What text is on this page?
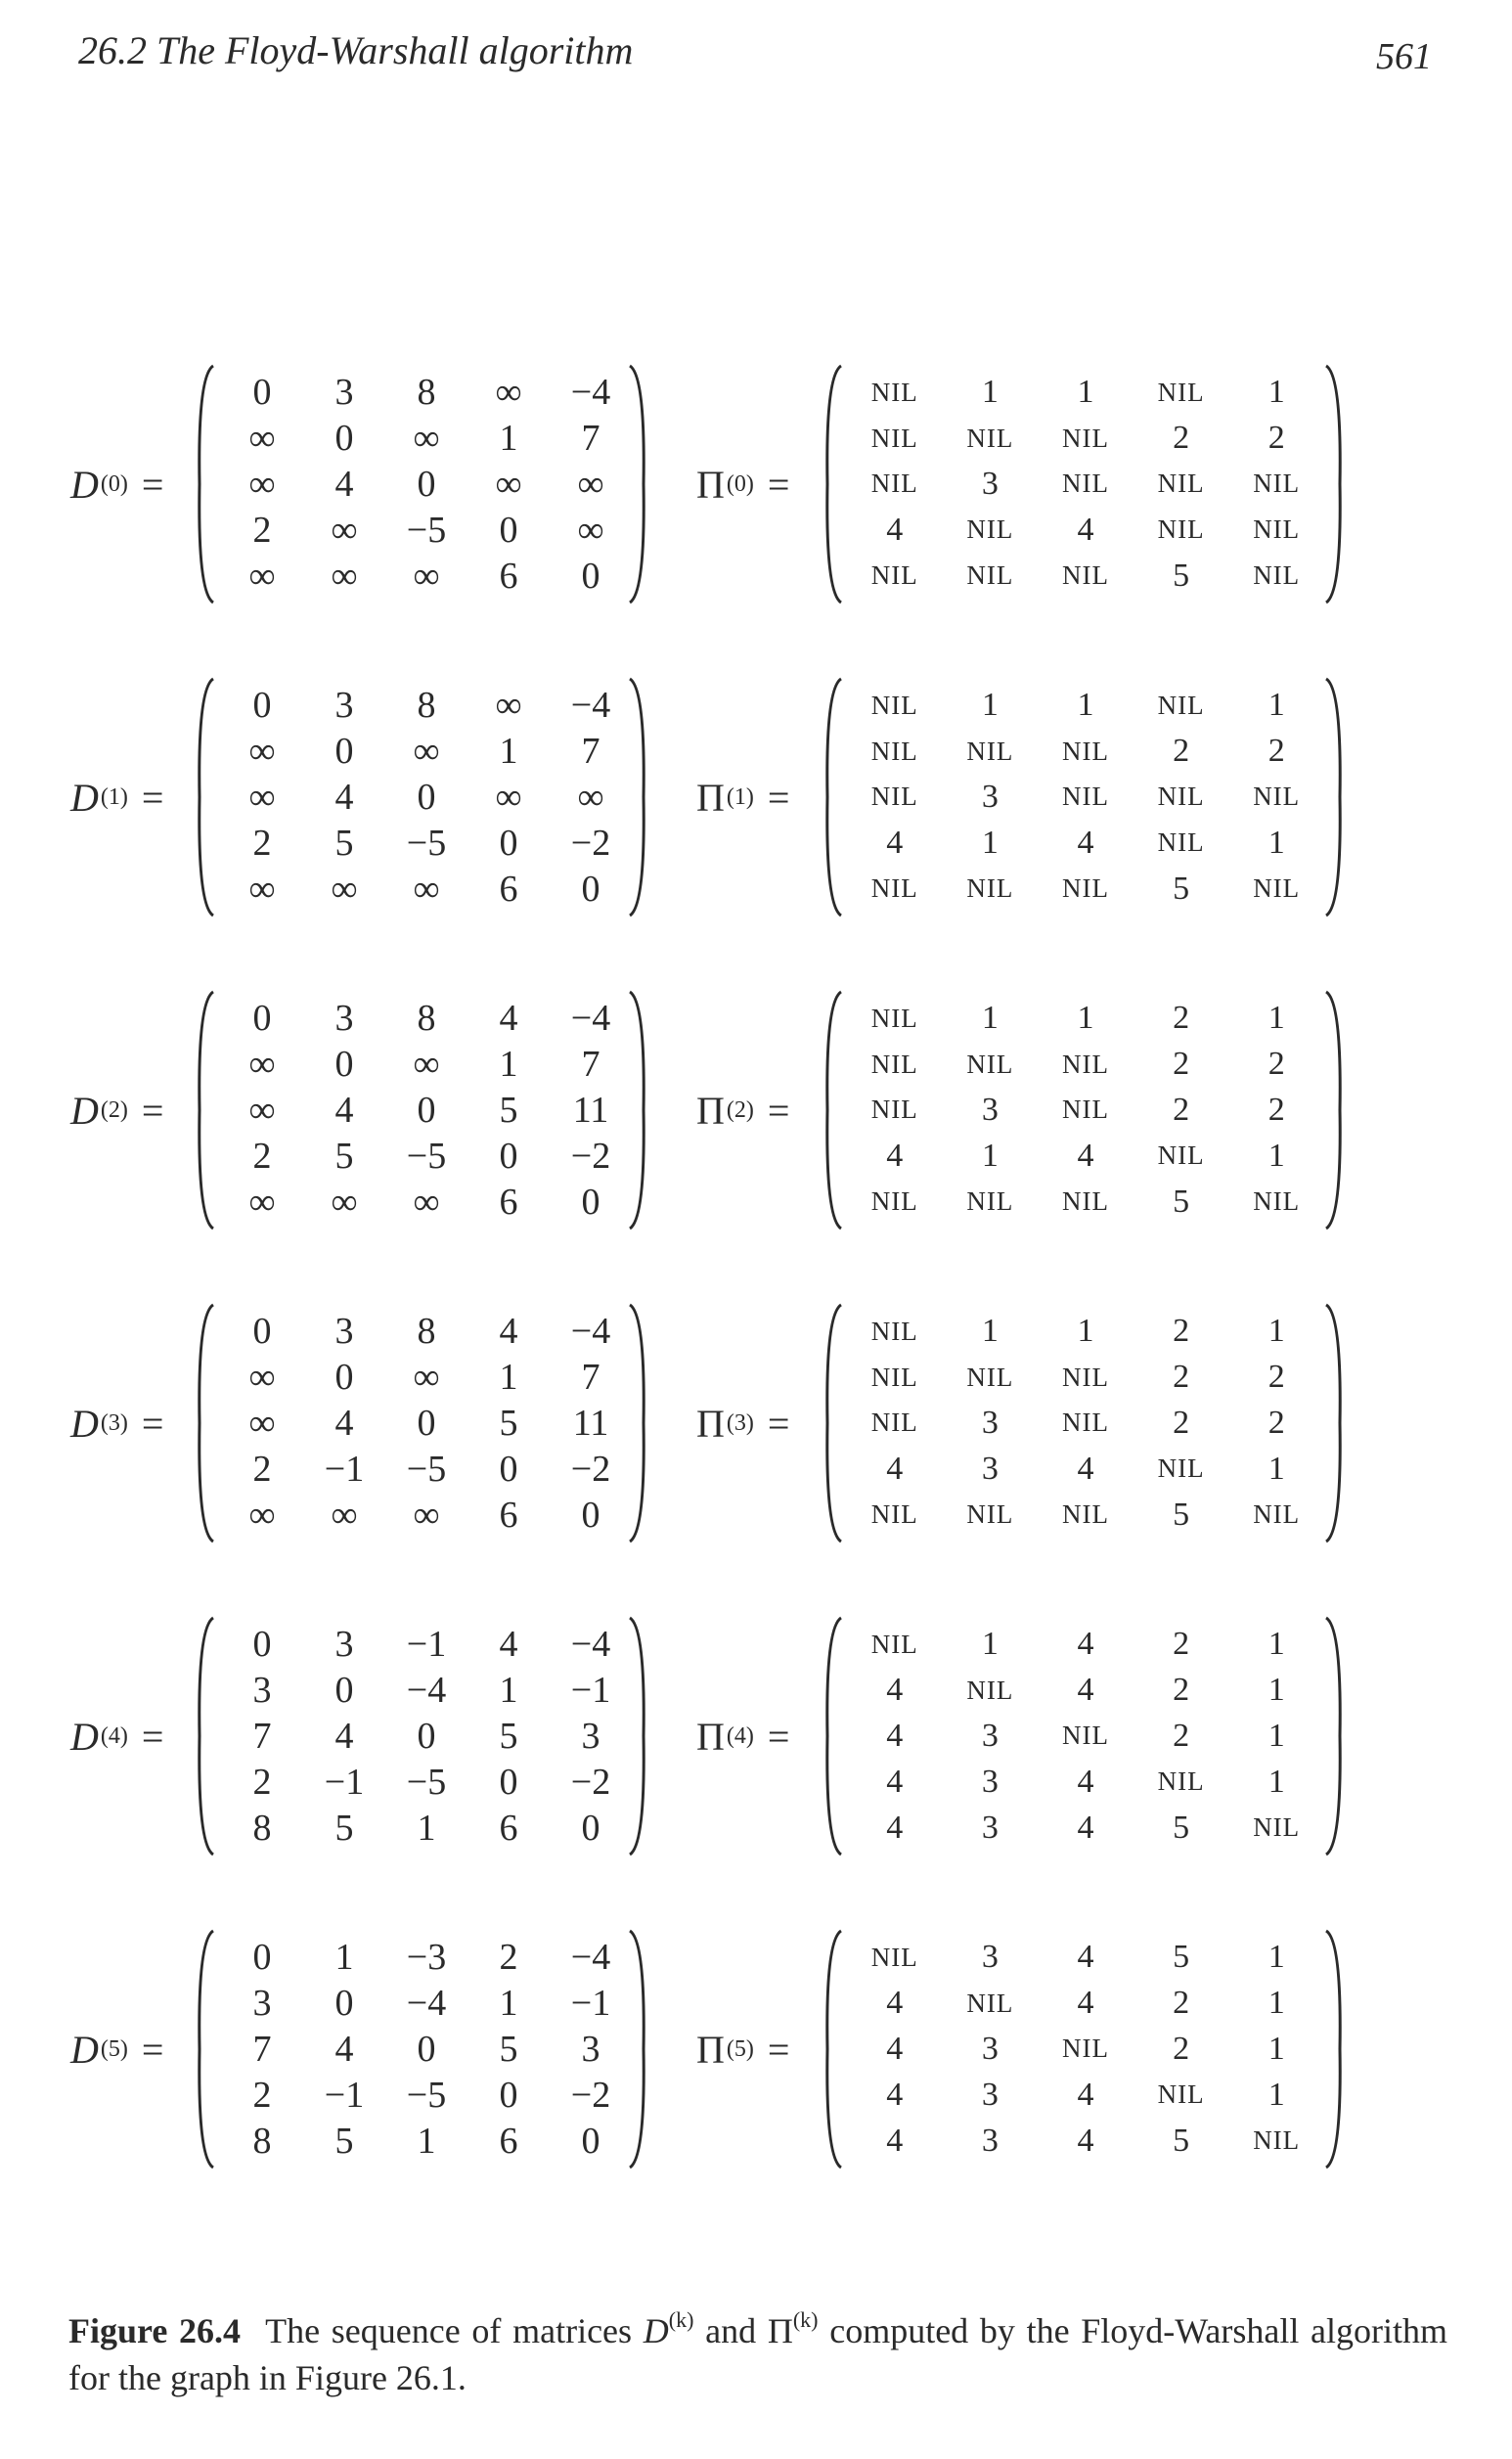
26.2 The Floyd-Warshall algorithm	561
D (0) =
0	3	8	∞	−4
∞	0	∞	1	7
∞	4	0	∞	∞
2	∞	−5	0	∞
∞	∞	∞	6	0
Π (0) =
NIL	1	1	NIL	1
NIL	NIL	NIL	2	2
NIL	3	NIL	NIL	NIL
4	NIL	4	NIL	NIL
NIL	NIL	NIL	5	NIL
D (1) =
0	3	8	∞	−4
∞	0	∞	1	7
∞	4	0	∞	∞
2	5	−5	0	−2
∞	∞	∞	6	0
Π (1) =
NIL	1	1	NIL	1
NIL	NIL	NIL	2	2
NIL	3	NIL	NIL	NIL
4	1	4	NIL	1
NIL	NIL	NIL	5	NIL
D (2) =
0	3	8	4	−4
∞	0	∞	1	7
∞	4	0	5	11
2	5	−5	0	−2
∞	∞	∞	6	0
Π (2) =
NIL	1	1	2	1
NIL	NIL	NIL	2	2
NIL	3	NIL	2	2
4	1	4	NIL	1
NIL	NIL	NIL	5	NIL
D (3) =
0	3	8	4	−4
∞	0	∞	1	7
∞	4	0	5	11
2	−1	−5	0	−2
∞	∞	∞	6	0
Π (3) =
NIL	1	1	2	1
NIL	NIL	NIL	2	2
NIL	3	NIL	2	2
4	3	4	NIL	1
NIL	NIL	NIL	5	NIL
D (4) =
0	3	−1	4	−4
3	0	−4	1	−1
7	4	0	5	3
2	−1	−5	0	−2
8	5	1	6	0
Π (4) =
NIL	1	4	2	1
4	NIL	4	2	1
4	3	NIL	2	1
4	3	4	NIL	1
4	3	4	5	NIL
D (5) =
0	1	−3	2	−4
3	0	−4	1	−1
7	4	0	5	3
2	−1	−5	0	−2
8	5	1	6	0
Π (5) =
NIL	3	4	5	1
4	NIL	4	2	1
4	3	NIL	2	1
4	3	4	NIL	1
4	3	4	5	NIL
Figure 26.4 The sequence of matrices $D^{(k)}$ and $\Pi^{(k)}$ computed by the Floyd-Warshall algorithm for the graph in Figure 26.1.
